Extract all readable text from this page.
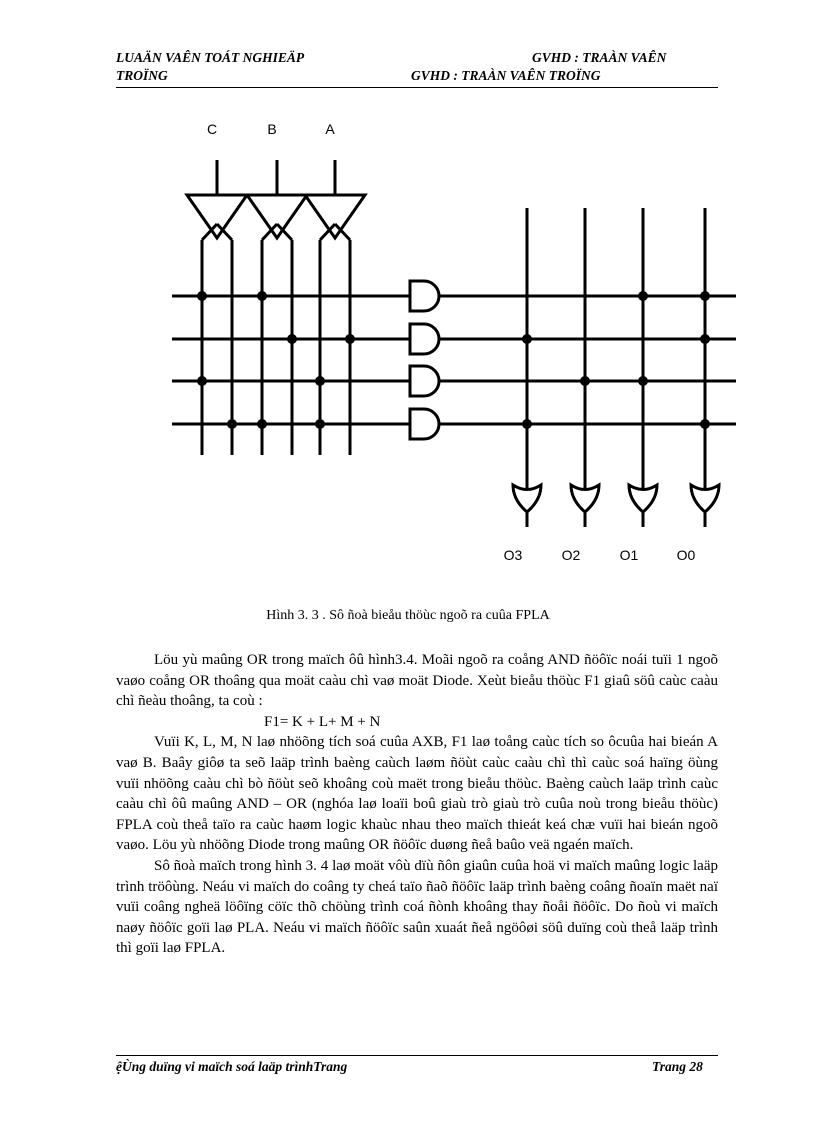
LUAÄN VAÊN TOÁT NGHIEÄP
TROÏNG
GVHD : TRAÀN VAÊN
GVHD : TRAÀN VAÊN TROÏNG
C	B	A
O3	O2	O1	O0
Hình 3. 3 . Sô ñoà bieåu thöùc ngoõ ra cuûa FPLA

Löu yù maûng OR trong maïch ôû hình3.4. Moãi ngoõ ra coång AND ñöôïc noái tuïi 1 ngoõ vaøo coång OR thoâng qua moät caàu chì vaø moät Diode. Xeùt bieåu thöùc F1 giaû söû caùc caàu chì ñeàu thoâng, ta coù :

F1= K + L+ M + N

Vuïi K, L, M, N laø nhöõng tích soá cuûa AXB, F1 laø toång caùc tích so ôcuûa hai bieán A vaø B. Baây giôø ta seõ laäp trình baèng caùch laøm ñöùt caùc caàu chì thì caùc soá haïng öùng vuïi nhöõng caàu chì bò ñöùt seõ khoâng coù maët trong bieåu thöùc. Baèng caùch laäp trình caùc caàu chì ôû maûng AND – OR (nghóa laø loaïi boû giaù trò giaù trò cuûa noù trong bieåu thöùc) FPLA coù theå taïo ra caùc haøm logic khaùc nhau theo maïch thieát keá chæ vuïi hai bieán ngoõ vaøo. Löu yù nhöõng Diode trong maûng OR ñöôïc duøng ñeå baûo veä ngaén maïch.

Sô ñoà maïch trong hình 3. 4 laø moät vôù dïù ñôn giaûn cuûa hoä vi maïch maûng logic laäp trình tröôùng. Neáu vi maïch do coâng ty cheá taïo ñaõ ñöôïc laäp trình baèng coâng ñoaïn maët naï vuïi coâng ngheä löôïng cöïc thõ chöùng trình coá ñònh khoâng thay ñoåi ñöôïc. Do ñoù vi maïch naøy ñöôïc goïi laø PLA. Neáu vi maïch ñöôïc saûn xuaát ñeå ngöôøi söû duïng coù theå laäp trình thì goïi laø FPLA.

ệÙng duïng vi maïch soá laäp trìnhTrang	Trang 28
